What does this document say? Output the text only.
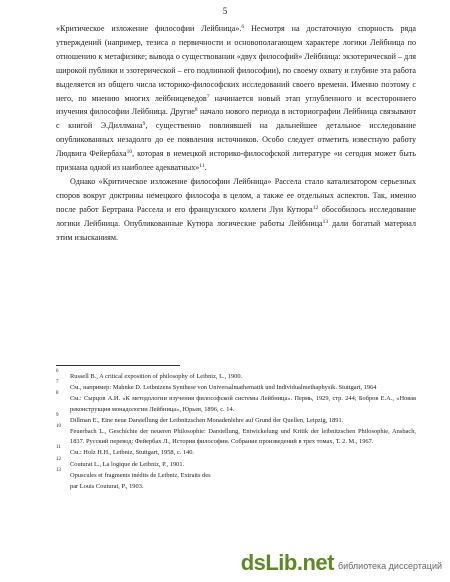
5

«Критическое изложение философии Лейбница».$^6$ Несмотря на достаточную спорность ряда утверждений (например, тезиса о первичности и основополагающем характере логики Лейбница по отношению к метафизике; вывода о существовании «двух философий» Лейбница: экзотерической – для широкой публики и эзотерической – его подлинной философии), по своему охвату и глубине эта работа выделяется из общего числа историко-философских исследований своего времени. Именно поэтому с него, по мнению многих лейбницеведов$^7$ начинается новый этап углубленного и всестороннего изучения философии Лейбница. Другие$^8$ начало нового периода в историографии Лейбница связывают с книгой Э.Диллмана$^9$, существенно повлиявшей на дальнейшее детальное исследование опубликованных незадолго до ее появления источников. Особо следует отметить известную работу Людвига Фейербаха$^{10}$, которая в немецкой историко-философской литературе «и сегодня может быть признана одной из наиболее адекватных»$^{11}$.

Однако «Критическое изложение философии Лейбница» Рассела стало катализатором серьезных споров вокруг доктрины немецкого философа в целом, а также ее отдельных аспектов. Так, именно после работ Бертрана Рассела и его французского коллеги Луи Кутюра$^{12}$ обособилось исследование логики Лейбница. Опубликованные Кутюра логические работы Лейбница$^{13}$ дали богатый материал этим изысканиям.

6
Russell B., A critical exposition of philosophy of Leibniz, L., 1900.
7
См., например: Mahnke D. Leibnizens Synthese von Universalmathematik und Individualmethaphysik. Stuttgart, 1964
8
См.: Сырцов А.И. «К методологии изучения философской системы Лейбница». Пермь, 1929, стр. 244; Бобров Е.А., «Новая реконструкция монадологии Лейбница», Юрьев, 1896, с. 14.
9
Dillman E., Eine neue Darstellung der Leibnitzschen Monadenlehre auf Grund der Quellen, Leipzig, 1891.
10
Feuerbach L., Geschichte der neueren Philosophie: Darstellung, Entwickelung und Kritik der leibnitzschen Philosophie, Ansbach, 1837. Русский перевод: Фейербах Л., История философии. Собрание произведений в трех томах, Т. 2. М., 1967.
11
См.: Holz H.H., Leibniz, Stuttgart, 1958, с. 140.
12
Couturat L., La logique de Leibniz, P., 1901.
13
Opuscules et fragments inédits de Leibniz. Extraits des
par Louis Couturat, P., 1903.
dsLib.net библиотека диссертаций
